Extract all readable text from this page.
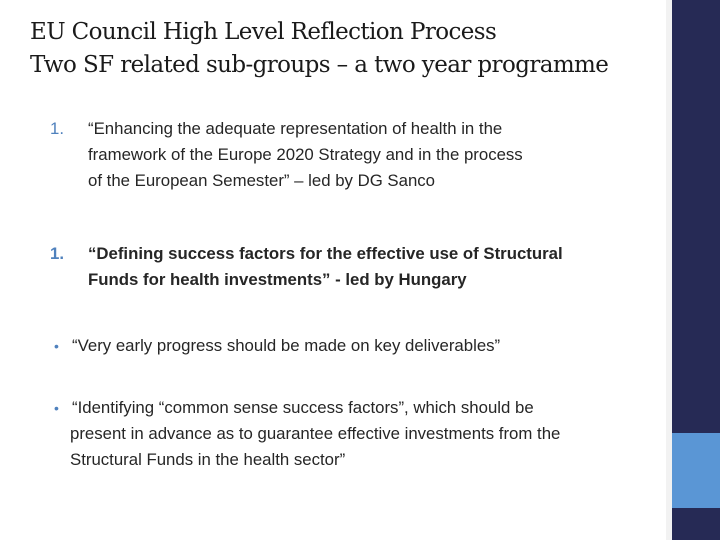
EU Council High Level Reflection Process
Two SF related sub-groups – a two year programme
1. “Enhancing the adequate representation of health in the
framework of the Europe 2020 Strategy and in the process
of the European Semester” – led by DG Sanco
1. “Defining success factors for the effective use of Structural
Funds for health investments” - led by Hungary
• “Very early progress should be made on key deliverables”
• “Identifying “common sense success factors”, which should be
present in advance as to guarantee effective investments from the
Structural Funds in the health sector”
